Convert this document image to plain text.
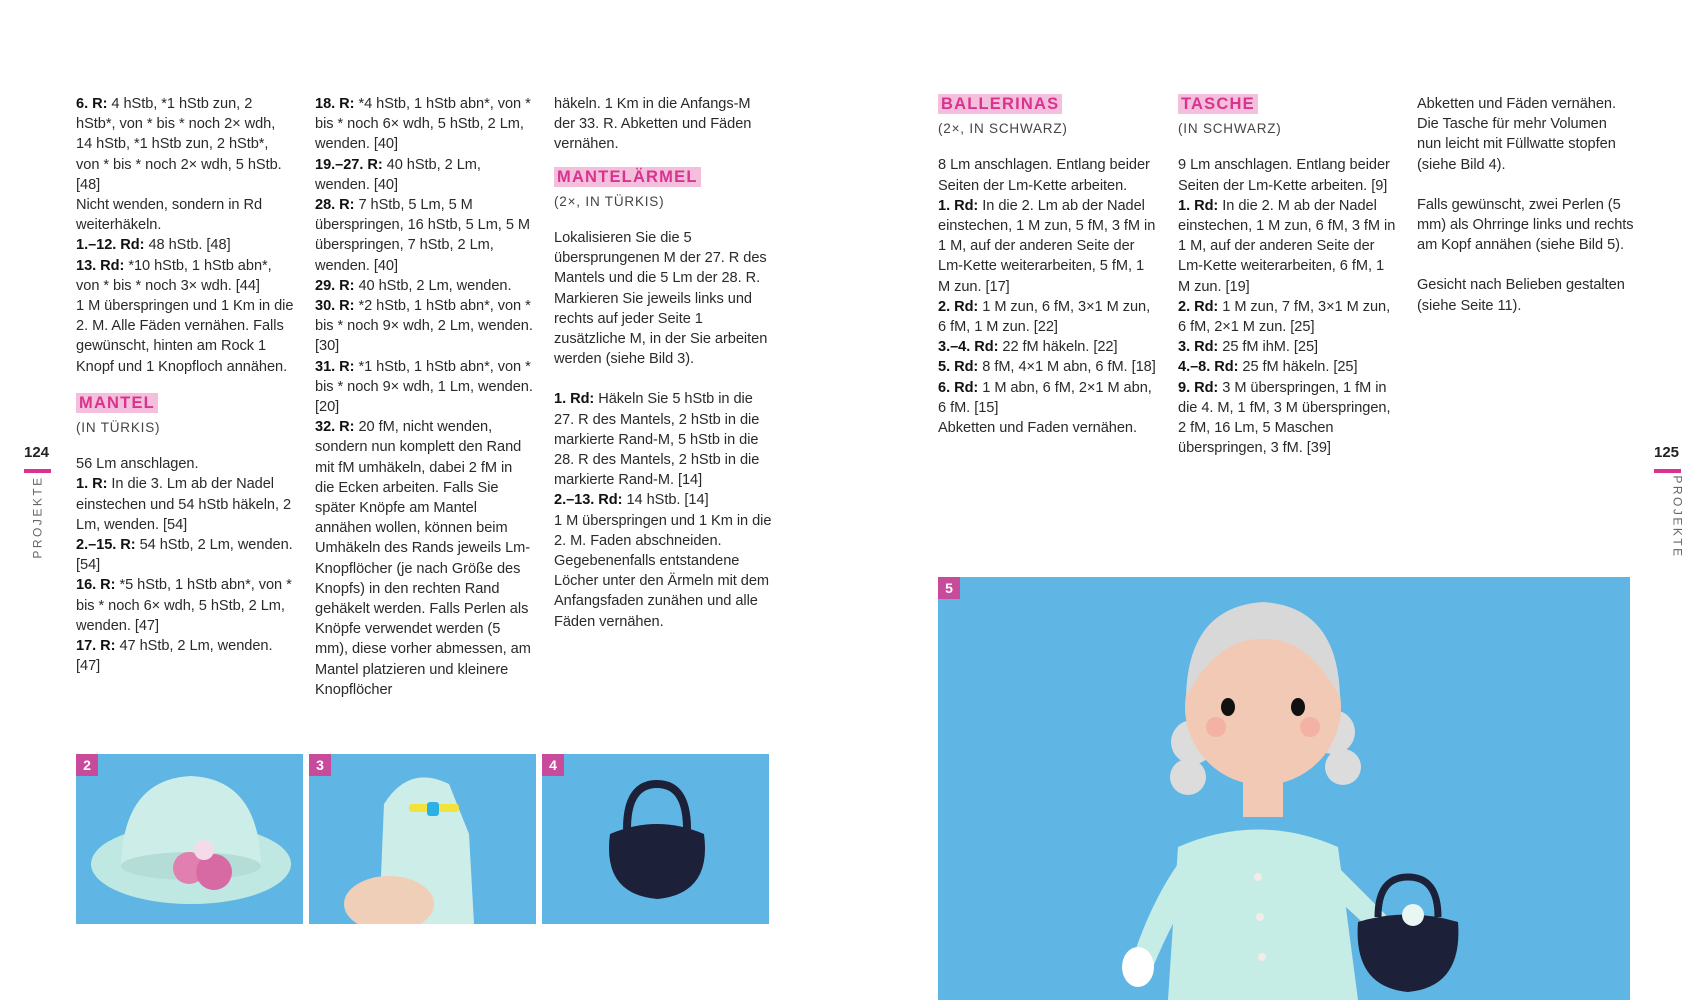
124
PROJEKTE

6. R: 4 hStb, *1 hStb zun, 2 hStb*, von * bis * noch 2× wdh, 14 hStb, *1 hStb zun, 2 hStb*, von * bis * noch 2× wdh, 5 hStb. [48]

Nicht wenden, sondern in Rd weiterhäkeln.

1.–12. Rd: 48 hStb. [48]

13. Rd: *10 hStb, 1 hStb abn*, von * bis * noch 3× wdh. [44]

1 M überspringen und 1 Km in die 2. M. Alle Fäden vernähen. Falls gewünscht, hinten am Rock 1 Knopf und 1 Knopfloch annähen.

MANTEL

(IN TÜRKIS)

56 Lm anschlagen.

1. R: In die 3. Lm ab der Nadel einstechen und 54 hStb häkeln, 2 Lm, wenden. [54]

2.–15. R: 54 hStb, 2 Lm, wenden. [54]

16. R: *5 hStb, 1 hStb abn*, von * bis * noch 6× wdh, 5 hStb, 2 Lm, wenden. [47]

17. R: 47 hStb, 2 Lm, wenden. [47]

18. R: *4 hStb, 1 hStb abn*, von * bis * noch 6× wdh, 5 hStb, 2 Lm, wenden. [40]

19.–27. R: 40 hStb, 2 Lm, wenden. [40]

28. R: 7 hStb, 5 Lm, 5 M überspringen, 16 hStb, 5 Lm, 5 M überspringen, 7 hStb, 2 Lm, wenden. [40]

29. R: 40 hStb, 2 Lm, wenden.

30. R: *2 hStb, 1 hStb abn*, von * bis * noch 9× wdh, 2 Lm, wenden. [30]

31. R: *1 hStb, 1 hStb abn*, von * bis * noch 9× wdh, 1 Lm, wenden. [20]

32. R: 20 fM, nicht wenden, sondern nun komplett den Rand mit fM umhäkeln, dabei 2 fM in die Ecken arbeiten. Falls Sie später Knöpfe am Mantel annähen wollen, können beim Umhäkeln des Rands jeweils Lm-Knopflöcher (je nach Größe des Knopfs) in den rechten Rand gehäkelt werden. Falls Perlen als Knöpfe verwendet werden (5 mm), diese vorher abmessen, am Mantel platzieren und kleinere Knopflöcher

häkeln. 1 Km in die Anfangs-M der 33. R. Abketten und Fäden vernähen.

MANTELÄRMEL

(2×, IN TÜRKIS)

Lokalisieren Sie die 5 übersprungenen M der 27. R des Mantels und die 5 Lm der 28. R. Markieren Sie jeweils links und rechts auf jeder Seite 1 zusätzliche M, in der Sie arbeiten werden (siehe Bild 3).

1. Rd: Häkeln Sie 5 hStb in die 27. R des Mantels, 2 hStb in die markierte Rand-M, 5 hStb in die 28. R des Mantels, 2 hStb in die markierte Rand-M. [14]

2.–13. Rd: 14 hStb. [14]

1 M überspringen und 1 Km in die 2. M. Faden abschneiden. Gegebenenfalls entstandene Löcher unter den Ärmeln mit dem Anfangsfaden zunähen und alle Fäden vernähen.

2	3	4

BALLERINAS

(2×, IN SCHWARZ)

8 Lm anschlagen. Entlang beider Seiten der Lm-Kette arbeiten.

1. Rd: In die 2. Lm ab der Nadel einstechen, 1 M zun, 5 fM, 3 fM in 1 M, auf der anderen Seite der Lm-Kette weiterarbeiten, 5 fM, 1 M zun. [17]

2. Rd: 1 M zun, 6 fM, 3×1 M zun, 6 fM, 1 M zun. [22]

3.–4. Rd: 22 fM häkeln. [22]

5. Rd: 8 fM, 4×1 M abn, 6 fM. [18]

6. Rd: 1 M abn, 6 fM, 2×1 M abn, 6 fM. [15]

Abketten und Faden vernähen.

TASCHE

(IN SCHWARZ)

9 Lm anschlagen. Entlang beider Seiten der Lm-Kette arbeiten. [9]

1. Rd: In die 2. M ab der Nadel einstechen, 1 M zun, 6 fM, 3 fM in 1 M, auf der anderen Seite der Lm-Kette weiterarbeiten, 6 fM, 1 M zun. [19]

2. Rd: 1 M zun, 7 fM, 3×1 M zun, 6 fM, 2×1 M zun. [25]

3. Rd: 25 fM ihM. [25]

4.–8. Rd: 25 fM häkeln. [25]

9. Rd: 3 M überspringen, 1 fM in die 4. M, 1 fM, 3 M überspringen, 2 fM, 16 Lm, 5 Maschen überspringen, 3 fM. [39]

Abketten und Fäden vernähen. Die Tasche für mehr Volumen nun leicht mit Füllwatte stopfen (siehe Bild 4).

Falls gewünscht, zwei Perlen (5 mm) als Ohrringe links und rechts am Kopf annähen (siehe Bild 5).

Gesicht nach Belieben gestalten (siehe Seite 11).

125
PROJEKTE
5
